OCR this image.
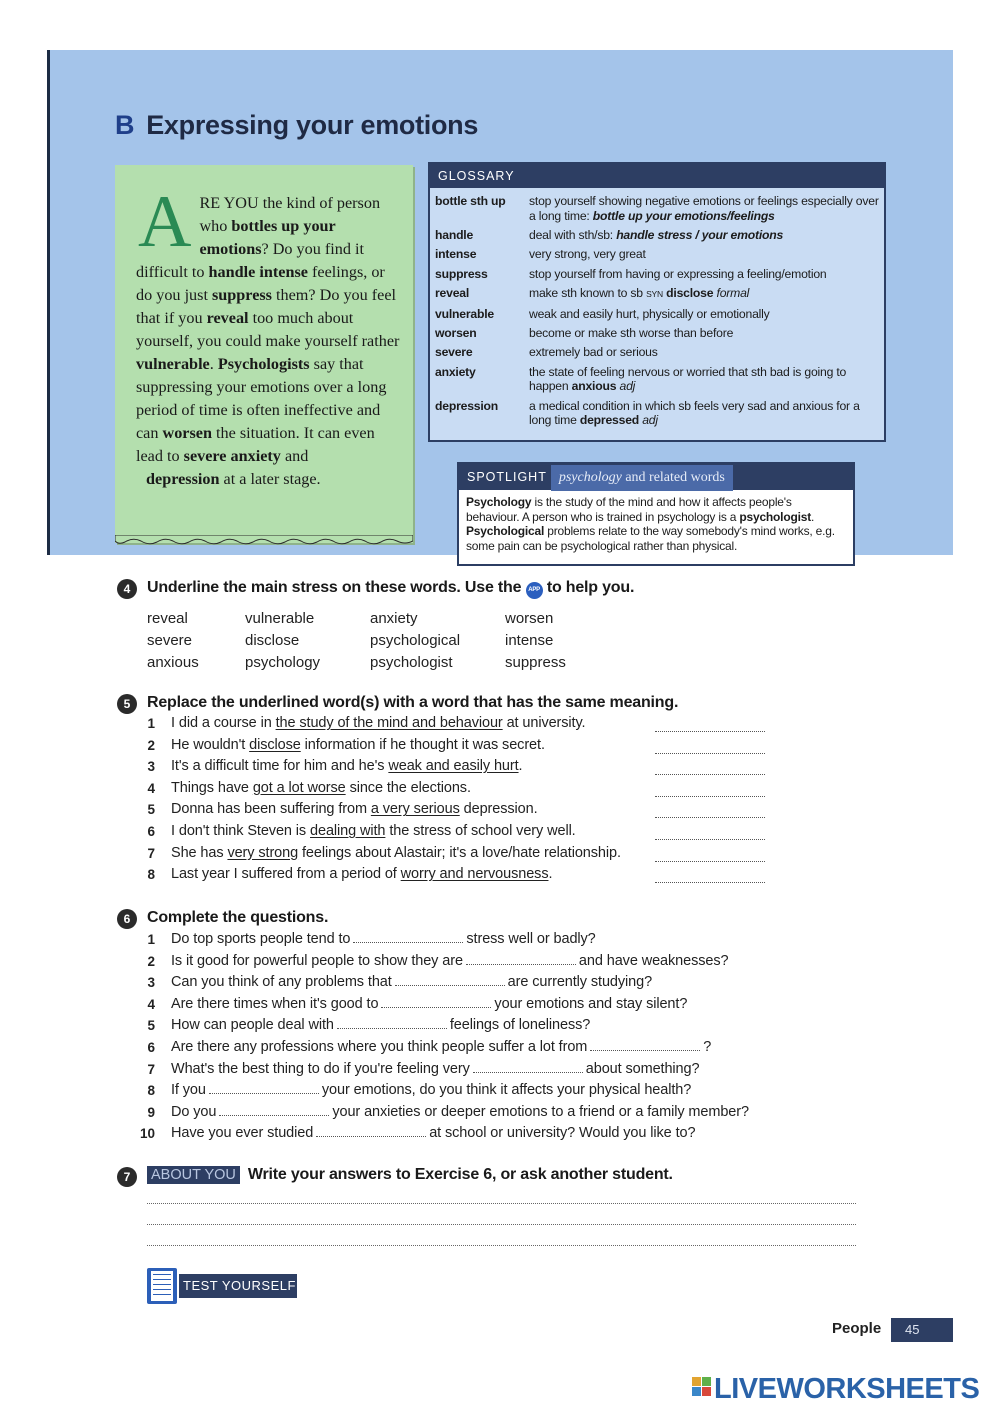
B Expressing your emotions
ARE YOU the kind of person who bottles up your emotions? Do you find it difficult to handle intense feelings, or do you just suppress them? Do you feel that if you reveal too much about yourself, you could make yourself rather vulnerable. Psychologists say that suppressing your emotions over a long period of time is often ineffective and can worsen the situation. It can even lead to severe anxiety and
depression at a later stage.
GLOSSARY
bottle sth up	stop yourself showing negative emotions or feelings especially over a long time: bottle up your emotions/feelings
handle	deal with sth/sb: handle stress / your emotions
intense	very strong, very great
suppress	stop yourself from having or expressing a feeling/emotion
reveal	make sth known to sb SYN disclose formal
vulnerable	weak and easily hurt, physically or emotionally
worsen	become or make sth worse than before
severe	extremely bad or serious
anxiety	the state of feeling nervous or worried that sth bad is going to happen anxious adj
depression	a medical condition in which sb feels very sad and anxious for a long time depressed adj
SPOTLIGHT psychology and related words
Psychology is the study of the mind and how it affects people's behaviour. A person who is trained in psychology is a psychologist. Psychological problems relate to the way somebody's mind works, e.g. some pain can be psychological rather than physical.
4	Underline the main stress on these words. Use the APP to help you.
reveal	vulnerable	anxiety	worsen
severe	disclose	psychological	intense
anxious	psychology	psychologist	suppress
5	Replace the underlined word(s) with a word that has the same meaning.
1 I did a course in the study of the mind and behaviour at university.
2 He wouldn't disclose information if he thought it was secret.
3 It's a difficult time for him and he's weak and easily hurt.
4 Things have got a lot worse since the elections.
5 Donna has been suffering from a very serious depression.
6 I don't think Steven is dealing with the stress of school very well.
7 She has very strong feelings about Alastair; it's a love/hate relationship.
8 Last year I suffered from a period of worry and nervousness.
6	Complete the questions.
1 Do top sports people tend to	stress well or badly?
2 Is it good for powerful people to show they are	and have weaknesses?
3 Can you think of any problems that	are currently studying?
4 Are there times when it's good to	your emotions and stay silent?
5 How can people deal with	feelings of loneliness?
6 Are there any professions where you think people suffer a lot from	?
7 What's the best thing to do if you're feeling very	about something?
8 If you	your emotions, do you think it affects your physical health?
9 Do you	your anxieties or deeper emotions to a friend or a family member?
10 Have you ever studied	at school or university? Would you like to?
7	ABOUT YOU Write your answers to Exercise 6, or ask another student.
TEST YOURSELF
People	45
LIVEWORKSHEETS
